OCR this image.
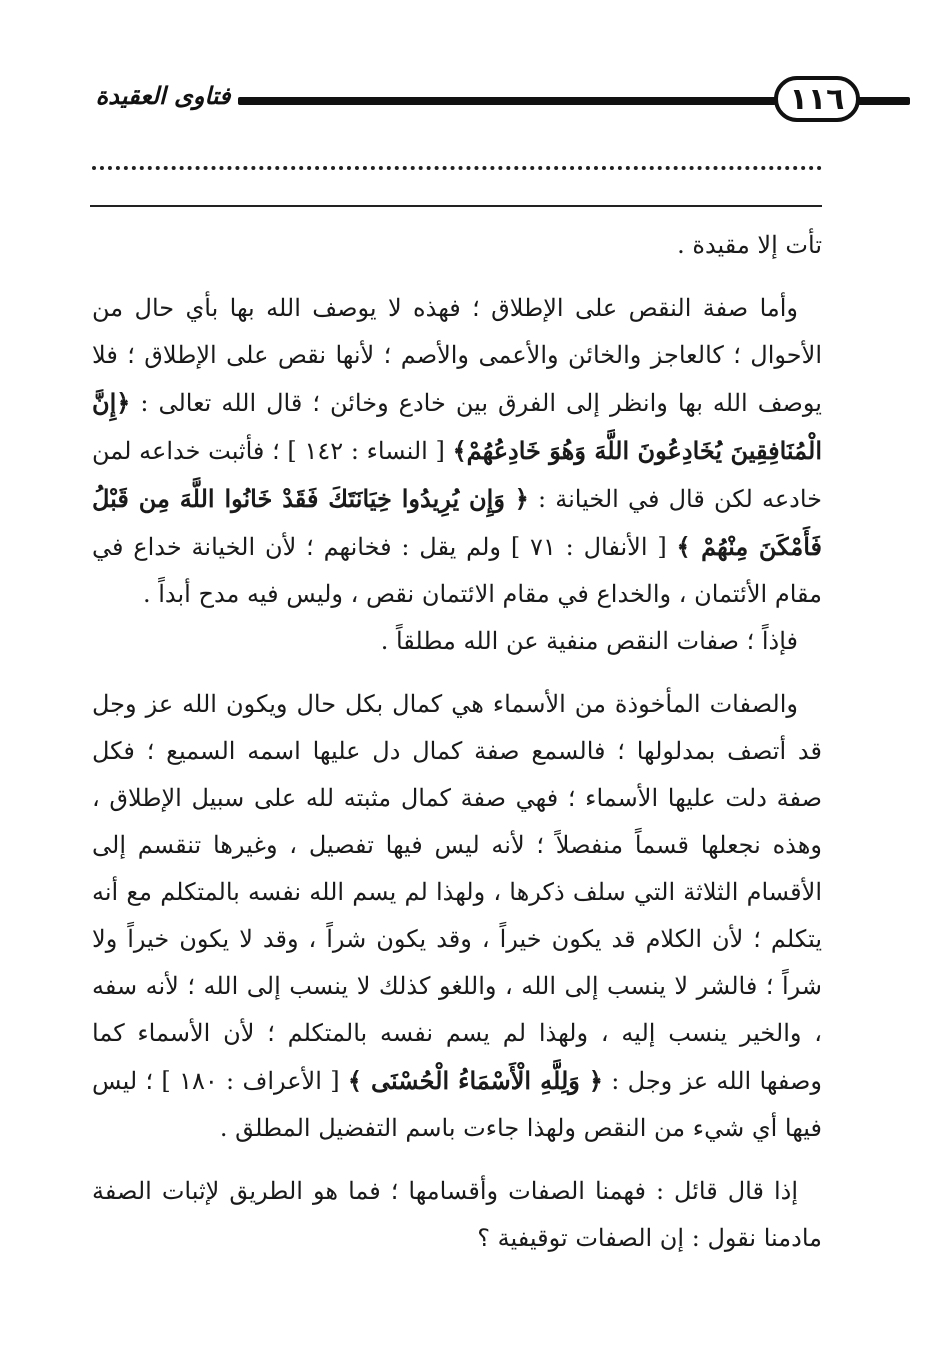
١١٦
فتاوى العقيدة

تأت إلا مقيدة .

وأما صفة النقص على الإطلاق ؛ فهذه لا يوصف الله بها بأي حال من الأحوال ؛ كالعاجز والخائن والأعمى والأصم ؛ لأنها نقص على الإطلاق ؛ فلا يوصف الله بها وانظر إلى الفرق بين خادع وخائن ؛ قال الله تعالى : ﴿إِنَّ الْمُنَافِقِينَ يُخَادِعُونَ اللَّهَ وَهُوَ خَادِعُهُمْ﴾ [ النساء : ١٤٢ ] ؛ فأثبت خداعه لمن خادعه لكن قال في الخيانة : ﴿ وَإِن يُرِيدُوا خِيَانَتَكَ فَقَدْ خَانُوا اللَّهَ مِن قَبْلُ فَأَمْكَنَ مِنْهُمْ ﴾ [ الأنفال : ٧١ ] ولم يقل : فخانهم ؛ لأن الخيانة خداع في مقام الأئتمان ، والخداع في مقام الائتمان نقص ، وليس فيه مدح أبداً .

فإذاً ؛ صفات النقص منفية عن الله مطلقاً .

والصفات المأخوذة من الأسماء هي كمال بكل حال ويكون الله عز وجل قد أتصف بمدلولها ؛ فالسمع صفة كمال دل عليها اسمه السميع ؛ فكل صفة دلت عليها الأسماء ؛ فهي صفة كمال مثبته لله على سبيل الإطلاق ، وهذه نجعلها قسماً منفصلاً ؛ لأنه ليس فيها تفصيل ، وغيرها تنقسم إلى الأقسام الثلاثة التي سلف ذكرها ، ولهذا لم يسم الله نفسه بالمتكلم مع أنه يتكلم ؛ لأن الكلام قد يكون خيراً ، وقد يكون شراً ، وقد لا يكون خيراً ولا شراً ؛ فالشر لا ينسب إلى الله ، واللغو كذلك لا ينسب إلى الله ؛ لأنه سفه ، والخير ينسب إليه ، ولهذا لم يسم نفسه بالمتكلم ؛ لأن الأسماء كما وصفها الله عز وجل : ﴿ وَلِلَّهِ الْأَسْمَاءُ الْحُسْنَى ﴾ [ الأعراف : ١٨٠ ] ؛ ليس فيها أي شيء من النقص ولهذا جاءت باسم التفضيل المطلق .

إذا قال قائل : فهمنا الصفات وأقسامها ؛ فما هو الطريق لإثبات الصفة مادمنا نقول : إن الصفات توقيفية ؟
